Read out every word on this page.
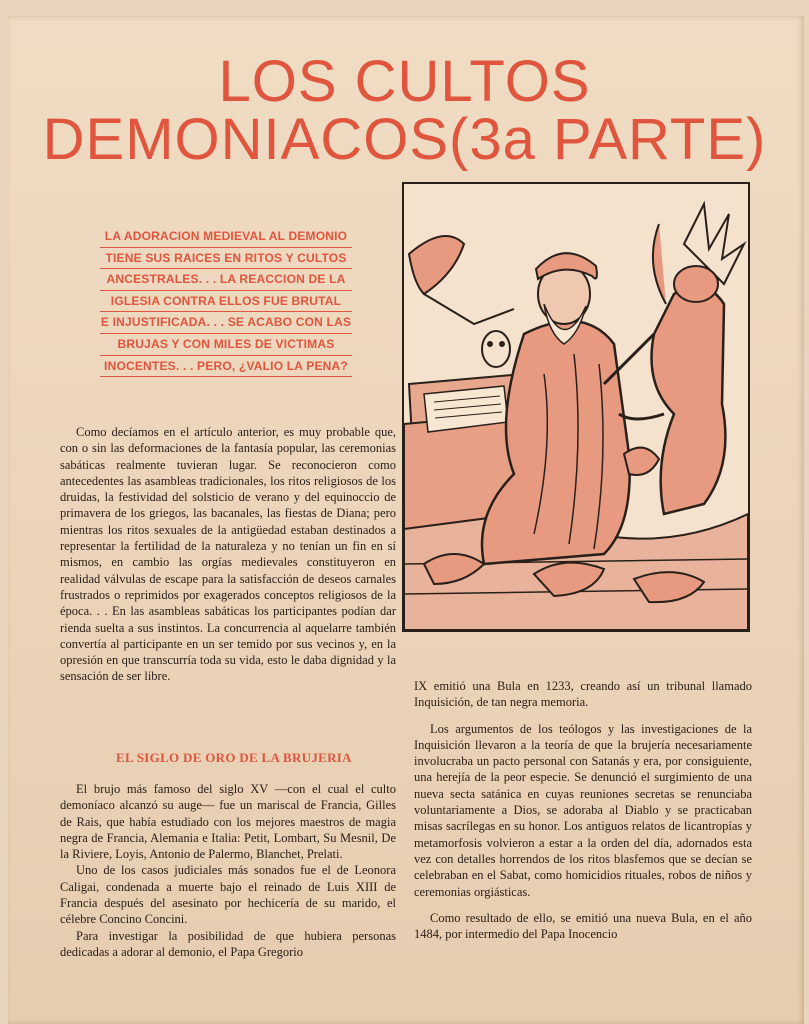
LOS CULTOS
DEMONIACOS(3a PARTE)
LA ADORACION MEDIEVAL AL DEMONIO
TIENE SUS RAICES EN RITOS Y CULTOS
ANCESTRALES. . . LA REACCION DE LA
IGLESIA CONTRA ELLOS FUE BRUTAL
E INJUSTIFICADA. . . SE ACABO CON LAS
BRUJAS Y CON MILES DE VICTIMAS
INOCENTES. . . PERO, ¿VALIO LA PENA?

Como decíamos en el artículo anterior, es muy probable que, con o sin las deformaciones de la fantasía popular, las ceremonias sabáticas realmente tuvieran lugar. Se reconocieron como antecedentes las asambleas tradicionales, los ritos religiosos de los druidas, la festividad del solsticio de verano y del equinoccio de primavera de los griegos, las bacanales, las fiestas de Diana; pero mientras los ritos sexuales de la antigüedad estaban destinados a representar la fertilidad de la naturaleza y no tenían un fin en sí mismos, en cambio las orgías medievales constituyeron en realidad válvulas de escape para la satisfacción de deseos carnales frustrados o reprimidos por exagerados conceptos religiosos de la época. . . En las asambleas sabáticas los participantes podían dar rienda suelta a sus instintos. La concurrencia al aquelarre también convertía al participante en un ser temido por sus vecinos y, en la opresión en que transcurría toda su vida, esto le daba dignidad y la sensación de ser libre.

EL SIGLO DE ORO DE LA BRUJERIA

El brujo más famoso del siglo XV —con el cual el culto demoníaco alcanzó su auge— fue un mariscal de Francia, Gilles de Rais, que había estudiado con los mejores maestros de magia negra de Francia, Alemania e Italia: Petit, Lombart, Su Mesnil, De la Riviere, Loyis, Antonio de Palermo, Blanchet, Prelati.

Uno de los casos judiciales más sonados fue el de Leonora Caligai, condenada a muerte bajo el reinado de Luis XIII de Francia después del asesinato por hechicería de su marido, el célebre Concino Concini.

Para investigar la posibilidad de que hubiera personas dedicadas a adorar al demonio, el Papa Gregorio

IX emitió una Bula en 1233, creando así un tribunal llamado Inquisición, de tan negra memoria.

Los argumentos de los teólogos y las investigaciones de la Inquisición llevaron a la teoría de que la brujería necesariamente involucraba un pacto personal con Satanás y era, por consiguiente, una herejía de la peor especie. Se denunció el surgimiento de una nueva secta satánica en cuyas reuniones secretas se renunciaba voluntariamente a Dios, se adoraba al Diablo y se practicaban misas sacrílegas en su honor. Los antiguos relatos de licantropías y metamorfosis volvieron a estar a la orden del día, adornados esta vez con detalles horrendos de los ritos blasfemos que se decían se celebraban en el Sabat, como homicidios rituales, robos de niños y ceremonias orgiásticas.

Como resultado de ello, se emitió una nueva Bula, en el año 1484, por intermedio del Papa Inocencio
